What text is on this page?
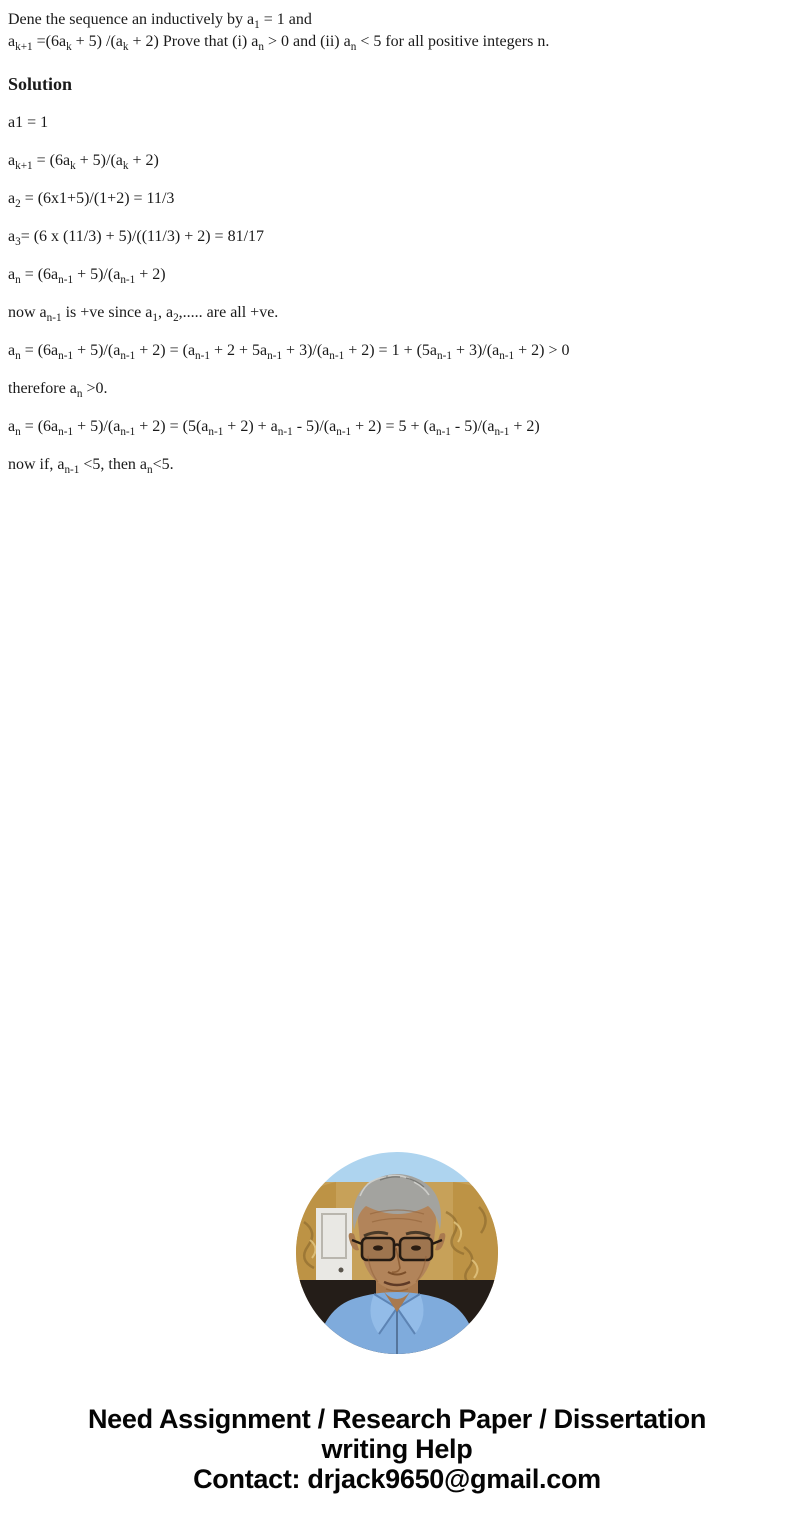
Dene the sequence an inductively by $a_1 = 1$ and
$a_{k+1} =(6a_k + 5) /(a_k + 2)$ Prove that (i) $a_n > 0$ and (ii) $a_n < 5$ for all positive integers n.

Solution

a1 = 1

$a_{k+1} = (6a_k + 5)/(a_k + 2)$

$a_2 = (6x1+5)/(1+2) = 11/3$

$a_3= (6$ x (11/3) + 5)/((11/3) + 2) = 81/17

$a_n = (6a_{n-1} + 5)/(a_{n-1} + 2)$

now $a_{n-1}$ is +ve since $a_1$, $a_2$,..... are all +ve.

$a_n = (6a_{n-1} + 5)/(a_{n-1} + 2) = (a_{n-1} + 2 + 5a_{n-1} + 3)/(a_{n-1} + 2) = 1 + (5a_{n-1} + 3)/(a_{n-1} + 2) > 0$

therefore $a_n >0$.

$a_n = (6a_{n-1} + 5)/(a_{n-1} + 2) = (5(a_{n-1} + 2) + a_{n-1} - 5)/(a_{n-1} + 2) = 5 + (a_{n-1} - 5)/(a_{n-1} + 2)$

now if, $a_{n-1} <5$, then $a_n<5$.

Need Assignment / Research Paper / Dissertation
writing Help
Contact: drjack9650@gmail.com
